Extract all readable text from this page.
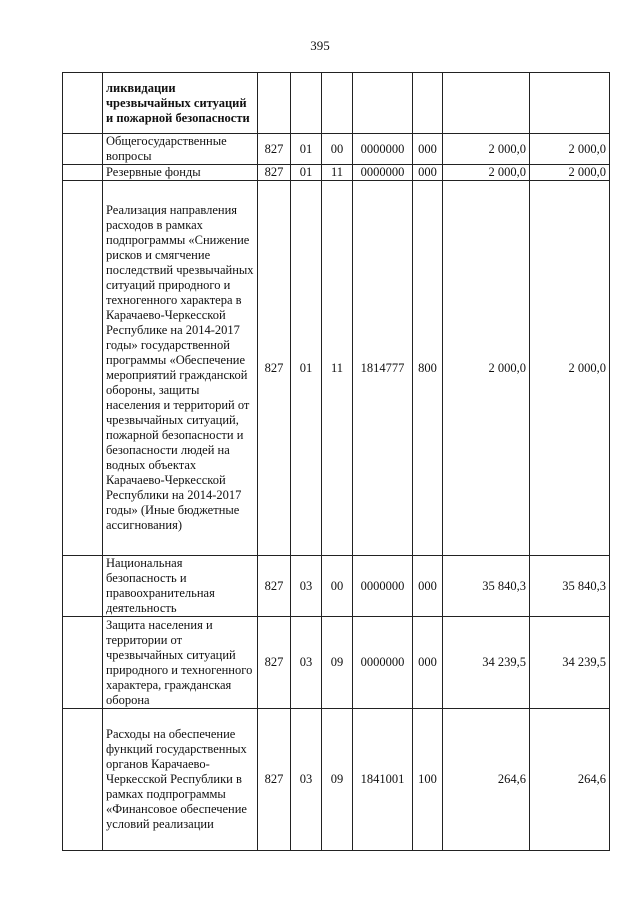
395
	ликвидации чрезвычайных ситуаций и пожарной безопасности							
	Общегосударственные вопросы	827	01	00	0000000	000	2 000,0	2 000,0
	Резервные фонды	827	01	11	0000000	000	2 000,0	2 000,0
	Реализация направления расходов в рамках подпрограммы «Снижение рисков и смягчение последствий чрезвычайных ситуаций природного и техногенного характера в Карачаево-Черкесской Республике на 2014-2017 годы» государственной программы «Обеспечение мероприятий гражданской обороны, защиты населения и территорий от чрезвычайных ситуаций, пожарной безопасности и безопасности людей на водных объектах Карачаево-Черкесской Республики на 2014-2017 годы» (Иные бюджетные ассигнования)	827	01	11	1814777	800	2 000,0	2 000,0
	Национальная безопасность и правоохранительная деятельность	827	03	00	0000000	000	35 840,3	35 840,3
	Защита населения и территории от чрезвычайных ситуаций природного и техногенного характера, гражданская оборона	827	03	09	0000000	000	34 239,5	34 239,5
	Расходы на обеспечение функций государственных органов Карачаево-Черкесской Республики в рамках подпрограммы «Финансовое обеспечение условий реализации	827	03	09	1841001	100	264,6	264,6
